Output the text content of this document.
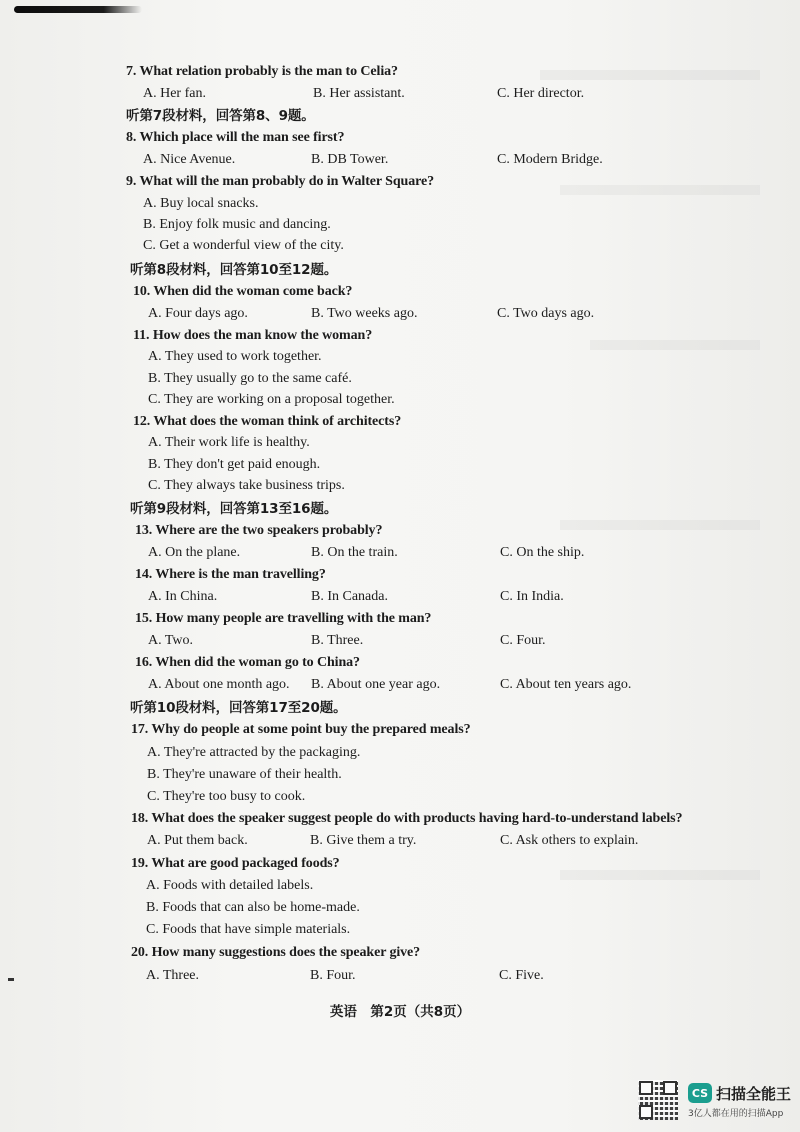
7. What relation probably is the man to Celia?
A. Her fan.	B. Her assistant.	C. Her director.
听第7段材料，回答第8、9题。
8. Which place will the man see first?
A. Nice Avenue.	B. DB Tower.	C. Modern Bridge.
9. What will the man probably do in Walter Square?
A. Buy local snacks.
B. Enjoy folk music and dancing.
C. Get a wonderful view of the city.
听第8段材料，回答第10至12题。
10. When did the woman come back?
A. Four days ago.	B. Two weeks ago.	C. Two days ago.
11. How does the man know the woman?
A. They used to work together.
B. They usually go to the same café.
C. They are working on a proposal together.
12. What does the woman think of architects?
A. Their work life is healthy.
B. They don't get paid enough.
C. They always take business trips.
听第9段材料，回答第13至16题。
13. Where are the two speakers probably?
A. On the plane.	B. On the train.	C. On the ship.
14. Where is the man travelling?
A. In China.	B. In Canada.	C. In India.
15. How many people are travelling with the man?
A. Two.	B. Three.	C. Four.
16. When did the woman go to China?
A. About one month ago. B. About one year ago.	C. About ten years ago.
听第10段材料，回答第17至20题。
17. Why do people at some point buy the prepared meals?
A. They're attracted by the packaging.
B. They're unaware of their health.
C. They're too busy to cook.
18. What does the speaker suggest people do with products having hard-to-understand labels?
A. Put them back.	B. Give them a try.	C. Ask others to explain.
19. What are good packaged foods?
A. Foods with detailed labels.
B. Foods that can also be home-made.
C. Foods that have simple materials.
20. How many suggestions does the speaker give?
A. Three.	B. Four.	C. Five.
英语　第2页（共8页）
CS 扫描全能王
3亿人都在用的扫描App
